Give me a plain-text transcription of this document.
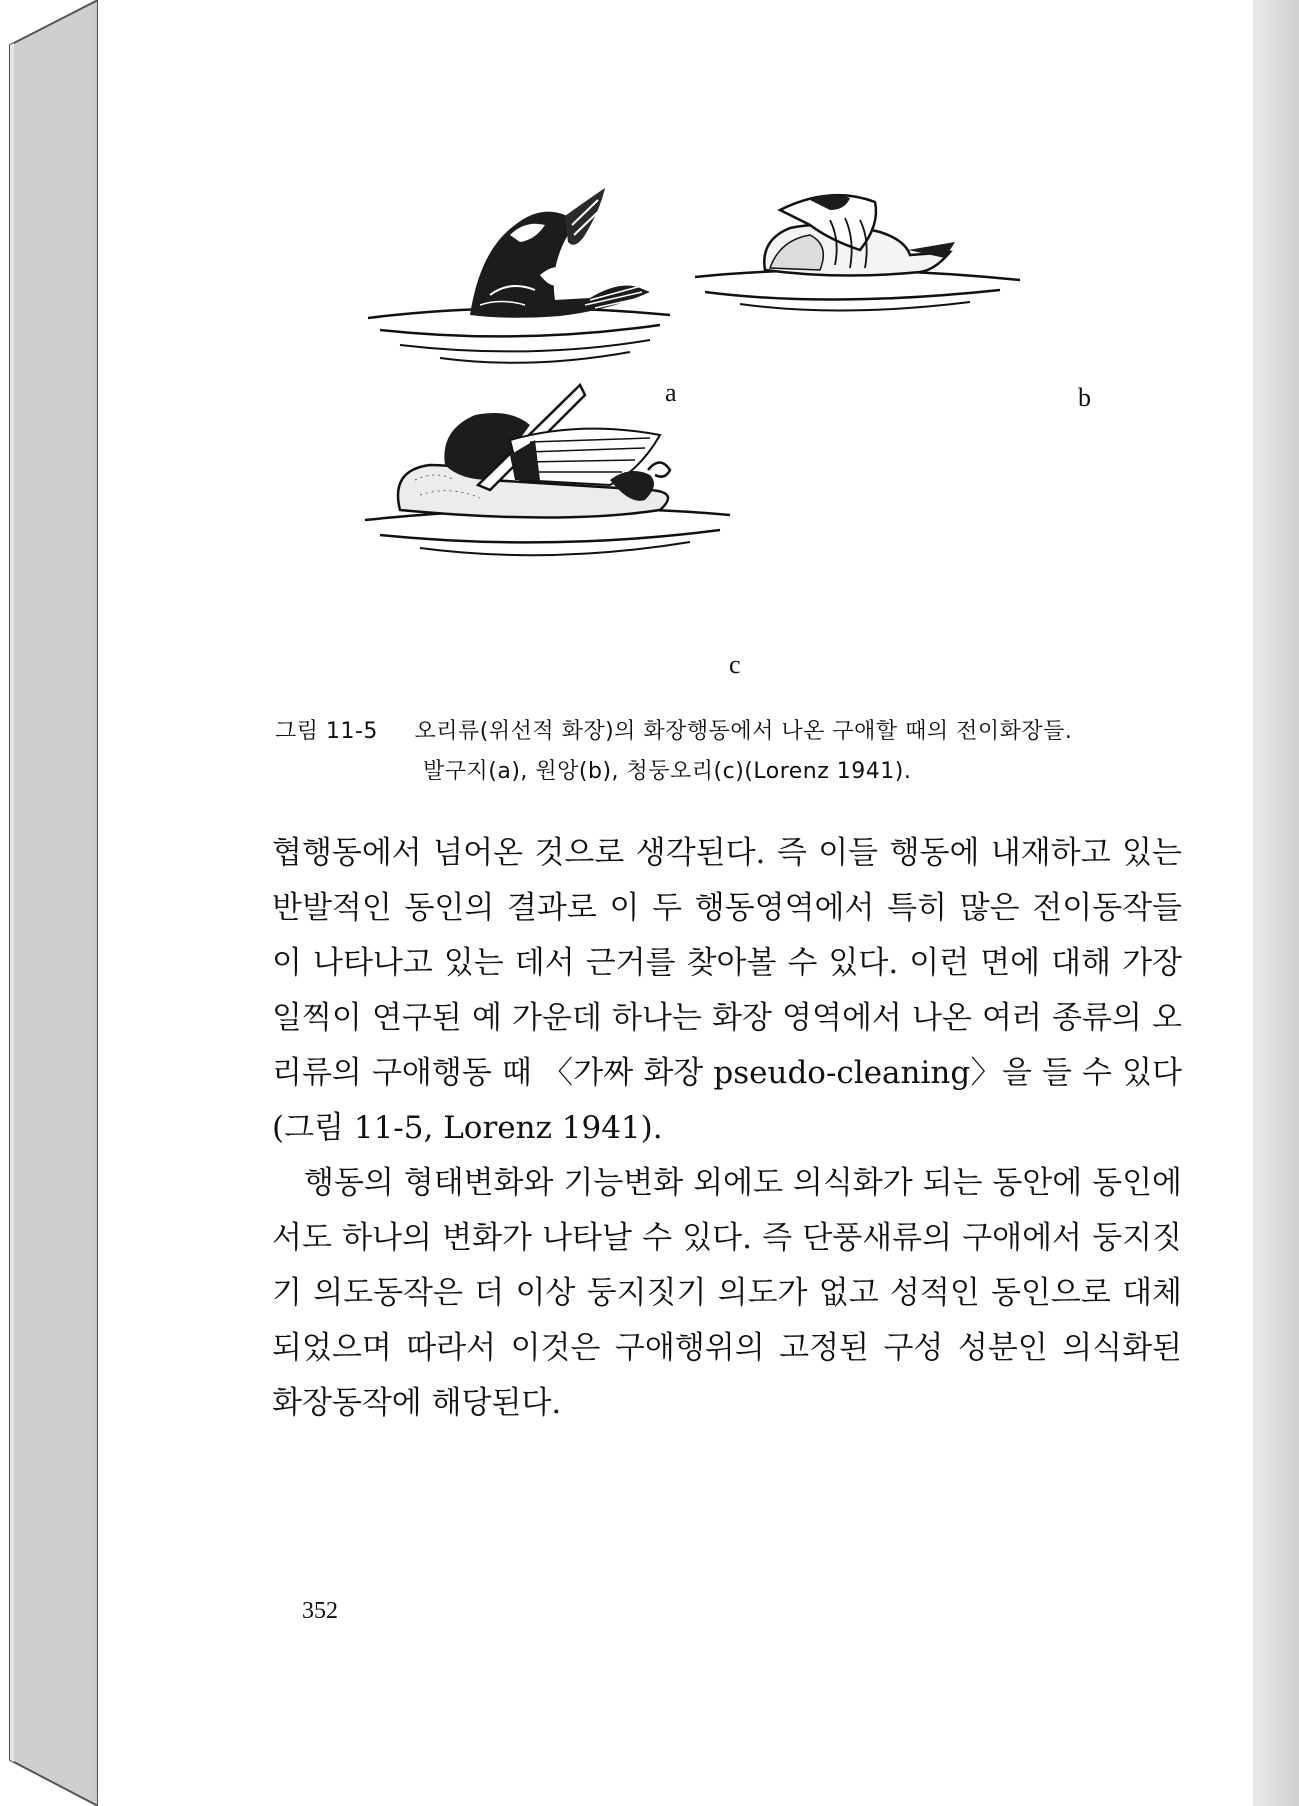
a	b
c
그림 11-5 오리류(위선적 화장)의 화장행동에서 나온 구애할 때의 전이화장들.
발구지(a), 원앙(b), 청둥오리(c)(Lorenz 1941).

협행동에서 넘어온 것으로 생각된다. 즉 이들 행동에 내재하고 있는 반발적인 동인의 결과로 이 두 행동영역에서 특히 많은 전이동작들이 나타나고 있는 데서 근거를 찾아볼 수 있다. 이런 면에 대해 가장 일찍이 연구된 예 가운데 하나는 화장 영역에서 나온 여러 종류의 오리류의 구애행동 때 〈가짜 화장 pseudo-cleaning〉을 들 수 있다 (그림 11-5, Lorenz 1941).

행동의 형태변화와 기능변화 외에도 의식화가 되는 동안에 동인에서도 하나의 변화가 나타날 수 있다. 즉 단풍새류의 구애에서 둥지짓기 의도동작은 더 이상 둥지짓기 의도가 없고 성적인 동인으로 대체되었으며 따라서 이것은 구애행위의 고정된 구성 성분인 의식화된 화장동작에 해당된다.

352
